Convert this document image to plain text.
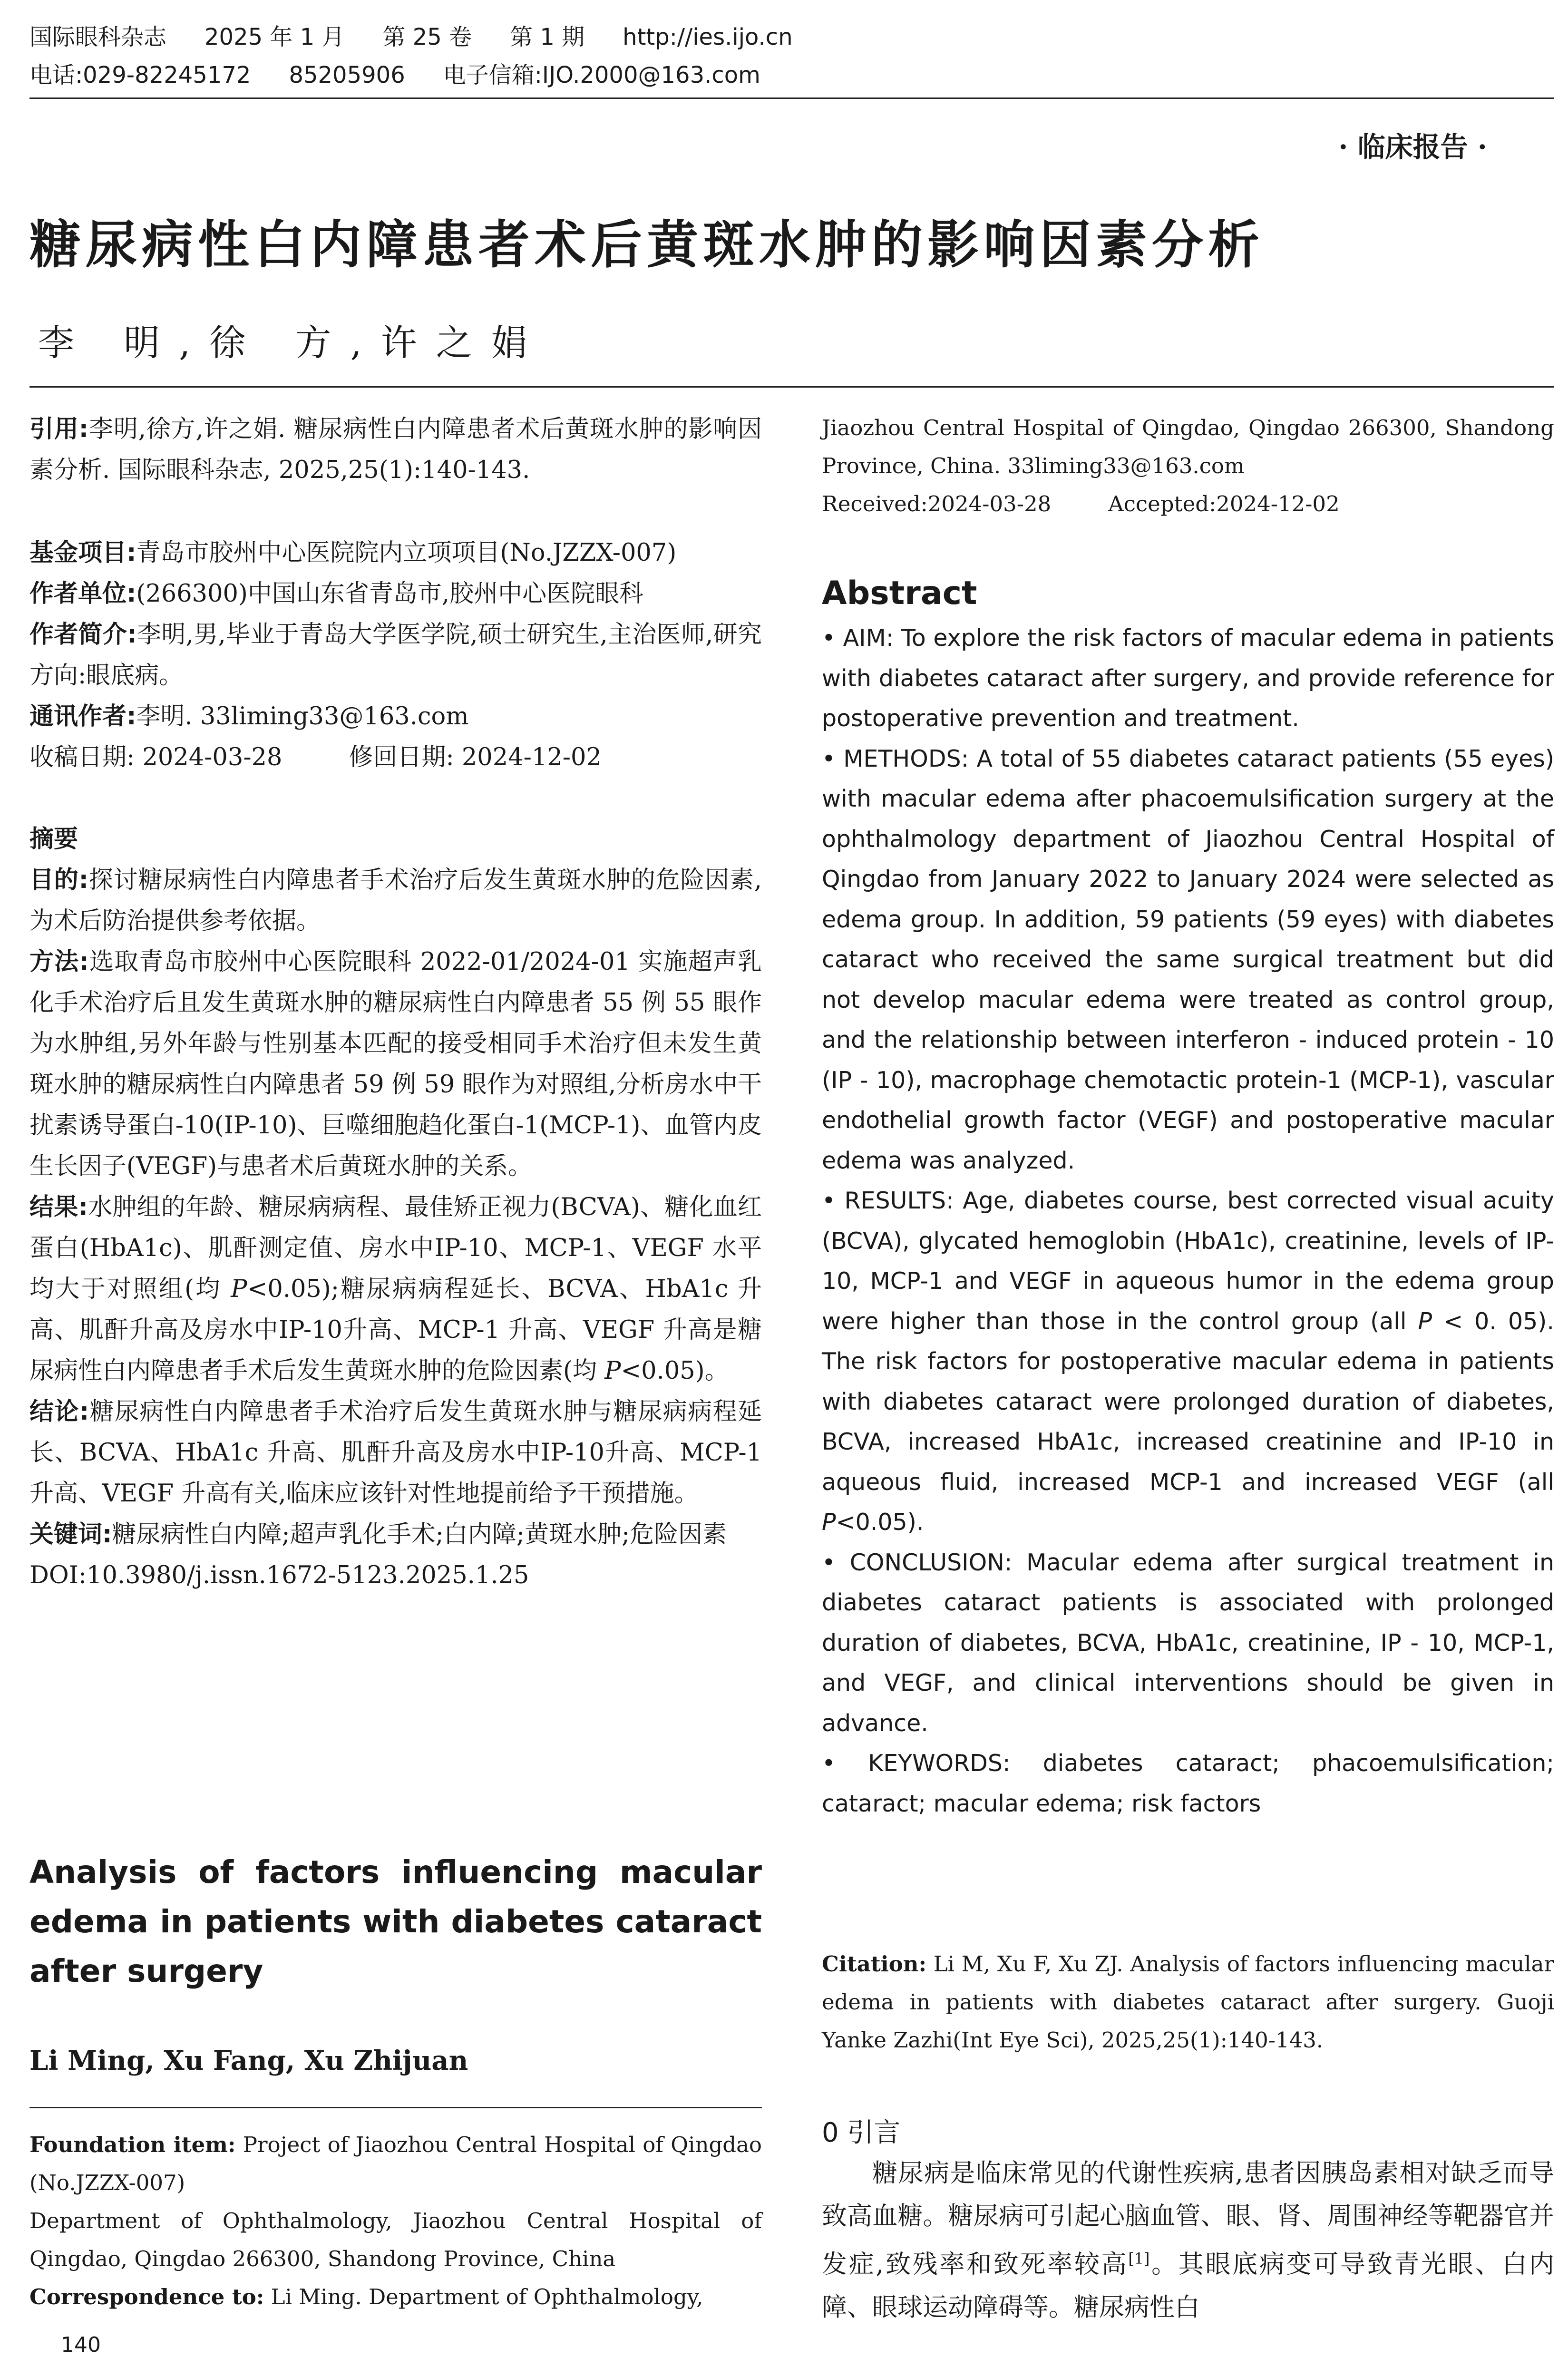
国际眼科杂志 2025 年 1 月 第 25 卷 第 1 期 http://ies.ijo.cn
电话:029-82245172 85205906 电子信箱:IJO.2000@163.com
· 临床报告 ·
糖尿病性白内障患者术后黄斑水肿的影响因素分析
李 明,徐 方,许之娟

引用:李明,徐方,许之娟. 糖尿病性白内障患者术后黄斑水肿的影响因素分析. 国际眼科杂志, 2025,25(1):140-143.

基金项目:青岛市胶州中心医院院内立项项目(No.JZZX-007)

作者单位:(266300)中国山东省青岛市,胶州中心医院眼科

作者简介:李明,男,毕业于青岛大学医学院,硕士研究生,主治医师,研究方向:眼底病。

通讯作者:李明. 33liming33@163.com

收稿日期: 2024-03-28	修回日期: 2024-12-02

摘要

目的:探讨糖尿病性白内障患者手术治疗后发生黄斑水肿的危险因素,为术后防治提供参考依据。

方法:选取青岛市胶州中心医院眼科 2022-01/2024-01 实施超声乳化手术治疗后且发生黄斑水肿的糖尿病性白内障患者 55 例 55 眼作为水肿组,另外年龄与性别基本匹配的接受相同手术治疗但未发生黄斑水肿的糖尿病性白内障患者 59 例 59 眼作为对照组,分析房水中干扰素诱导蛋白-10(IP-10)、巨噬细胞趋化蛋白-1(MCP-1)、血管内皮生长因子(VEGF)与患者术后黄斑水肿的关系。

结果:水肿组的年龄、糖尿病病程、最佳矫正视力(BCVA)、糖化血红蛋白(HbA1c)、肌酐测定值、房水中IP-10、MCP-1、VEGF 水平均大于对照组(均 P<0.05);糖尿病病程延长、BCVA、HbA1c 升高、肌酐升高及房水中IP-10升高、MCP-1 升高、VEGF 升高是糖尿病性白内障患者手术后发生黄斑水肿的危险因素(均 P<0.05)。

结论:糖尿病性白内障患者手术治疗后发生黄斑水肿与糖尿病病程延长、BCVA、HbA1c 升高、肌酐升高及房水中IP-10升高、MCP-1 升高、VEGF 升高有关,临床应该针对性地提前给予干预措施。

关键词:糖尿病性白内障;超声乳化手术;白内障;黄斑水肿;危险因素

DOI:10.3980/j.issn.1672-5123.2025.1.25

Analysis of factors influencing macular edema in patients with diabetes cataract after surgery
Li Ming, Xu Fang, Xu Zhijuan

Foundation item: Project of Jiaozhou Central Hospital of Qingdao (No.JZZX-007)

Department of Ophthalmology, Jiaozhou Central Hospital of Qingdao, Qingdao 266300, Shandong Province, China

Correspondence to: Li Ming. Department of Ophthalmology,

140

Jiaozhou Central Hospital of Qingdao, Qingdao 266300, Shandong Province, China. 33liming33@163.com

Received:2024-03-28	Accepted:2024-12-02

Abstract

• AIM: To explore the risk factors of macular edema in patients with diabetes cataract after surgery, and provide reference for postoperative prevention and treatment.

• METHODS: A total of 55 diabetes cataract patients (55 eyes) with macular edema after phacoemulsification surgery at the ophthalmology department of Jiaozhou Central Hospital of Qingdao from January 2022 to January 2024 were selected as edema group. In addition, 59 patients (59 eyes) with diabetes cataract who received the same surgical treatment but did not develop macular edema were treated as control group, and the relationship between interferon - induced protein - 10 (IP - 10), macrophage chemotactic protein-1 (MCP-1), vascular endothelial growth factor (VEGF) and postoperative macular edema was analyzed.

• RESULTS: Age, diabetes course, best corrected visual acuity (BCVA), glycated hemoglobin (HbA1c), creatinine, levels of IP-10, MCP-1 and VEGF in aqueous humor in the edema group were higher than those in the control group (all P < 0. 05). The risk factors for postoperative macular edema in patients with diabetes cataract were prolonged duration of diabetes, BCVA, increased HbA1c, increased creatinine and IP-10 in aqueous fluid, increased MCP-1 and increased VEGF (all P<0.05).

• CONCLUSION: Macular edema after surgical treatment in diabetes cataract patients is associated with prolonged duration of diabetes, BCVA, HbA1c, creatinine, IP - 10, MCP-1, and VEGF, and clinical interventions should be given in advance.

• KEYWORDS: diabetes cataract; phacoemulsification; cataract; macular edema; risk factors

Citation: Li M, Xu F, Xu ZJ. Analysis of factors influencing macular edema in patients with diabetes cataract after surgery. Guoji Yanke Zazhi(Int Eye Sci), 2025,25(1):140-143.

0 引言

糖尿病是临床常见的代谢性疾病,患者因胰岛素相对缺乏而导致高血糖。糖尿病可引起心脑血管、眼、肾、周围神经等靶器官并发症,致残率和致死率较高[1]。其眼底病变可导致青光眼、白内障、眼球运动障碍等。糖尿病性白
